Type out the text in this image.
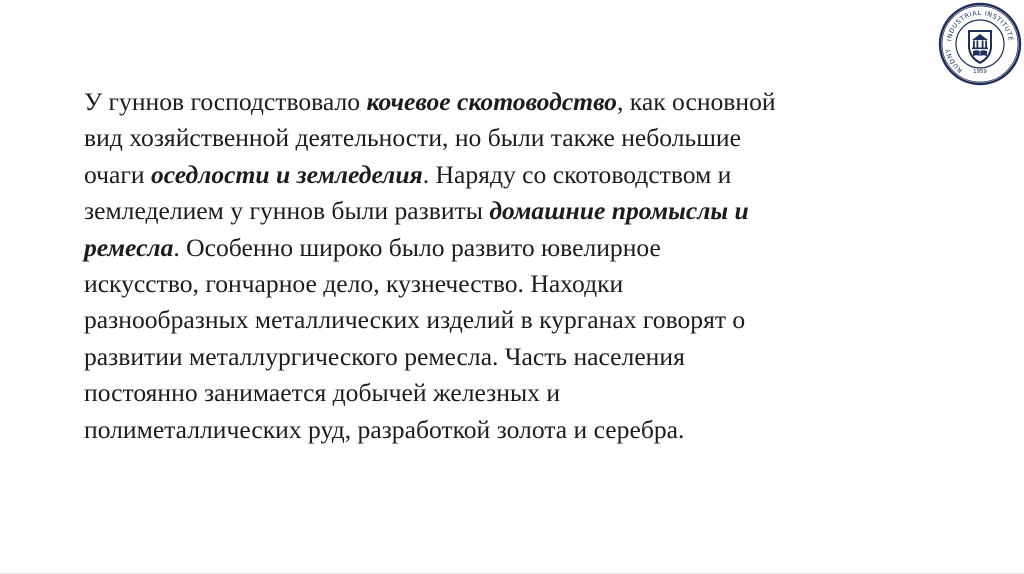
INDUSTRIAL INSTITUTE
RUDNY
1959
У гуннов господствовало кочевое скотоводство, как основной
вид хозяйственной деятельности, но были также небольшие
очаги оседлости и земледелия. Наряду со скотоводством и
земледелием у гуннов были развиты домашние промыслы и
ремесла. Особенно широко было развито ювелирное
искусство, гончарное дело, кузнечество. Находки
разнообразных металлических изделий в курганах говорят о
развитии металлургического ремесла. Часть населения
постоянно занимается добычей железных и
полиметаллических руд, разработкой золота и серебра.
